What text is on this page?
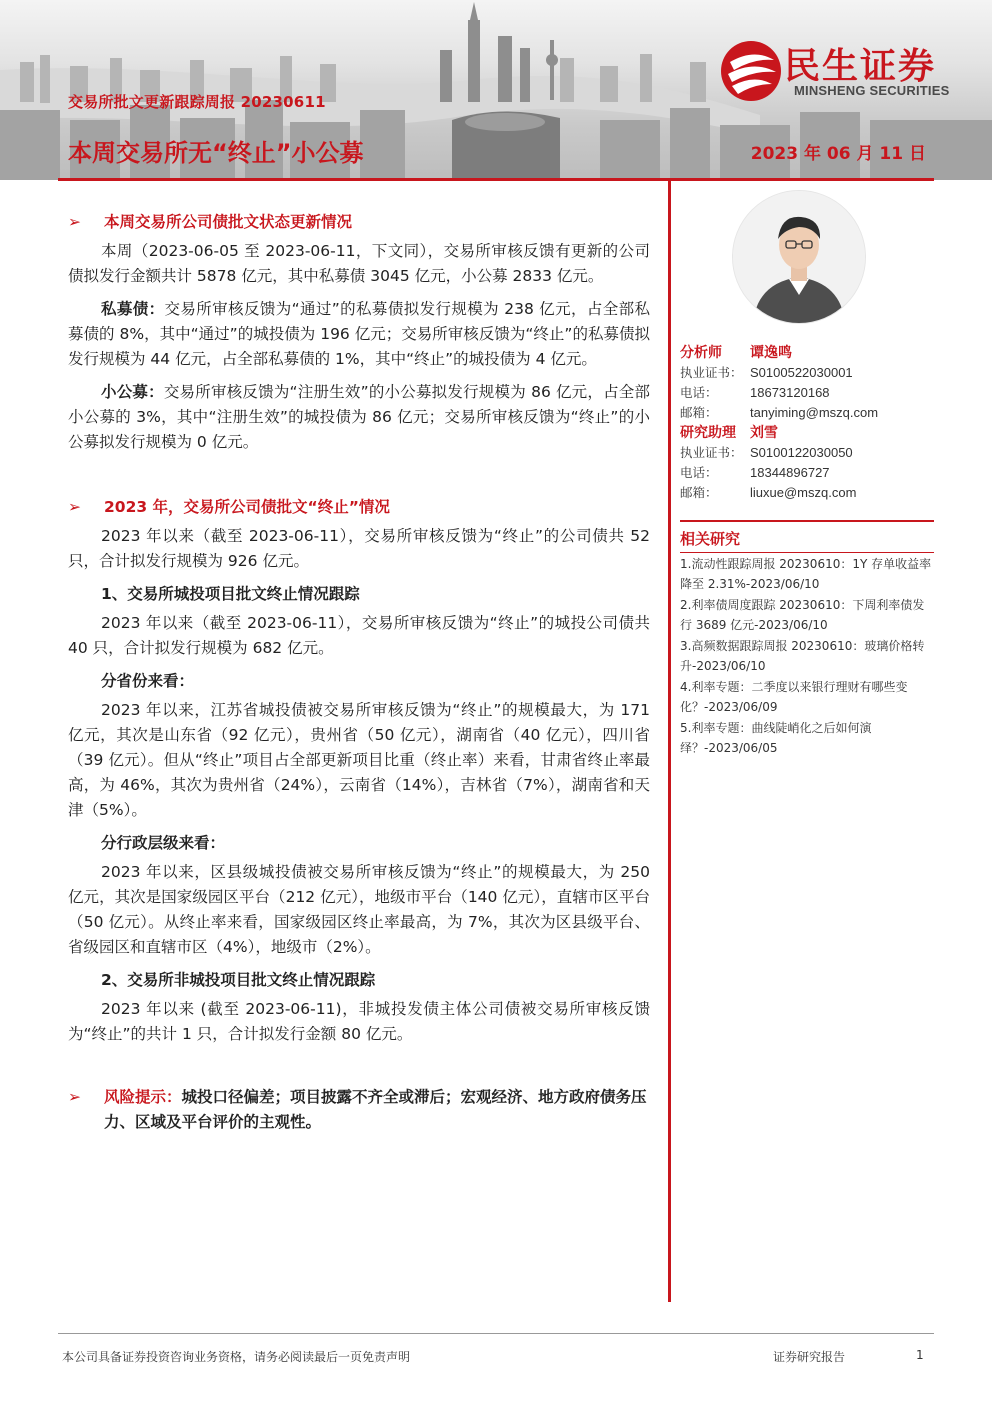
民生证券
MINSHENG SECURITIES
交易所批文更新跟踪周报 20230611
本周交易所无“终止”小公募	2023 年 06 月 11 日
➢ 本周交易所公司债批文状态更新情况

本周（2023-06-05 至 2023-06-11，下文同），交易所审核反馈有更新的公司债拟发行金额共计 5878 亿元，其中私募债 3045 亿元，小公募 2833 亿元。

私募债：交易所审核反馈为“通过”的私募债拟发行规模为 238 亿元，占全部私募债的 8%，其中“通过”的城投债为 196 亿元；交易所审核反馈为“终止”的私募债拟发行规模为 44 亿元，占全部私募债的 1%，其中“终止”的城投债为 4 亿元。

小公募：交易所审核反馈为“注册生效”的小公募拟发行规模为 86 亿元，占全部小公募的 3%，其中“注册生效”的城投债为 86 亿元；交易所审核反馈为“终止”的小公募拟发行规模为 0 亿元。

➢ 2023 年，交易所公司债批文“终止”情况

2023 年以来（截至 2023-06-11），交易所审核反馈为“终止”的公司债共 52 只，合计拟发行规模为 926 亿元。

1、交易所城投项目批文终止情况跟踪

2023 年以来（截至 2023-06-11），交易所审核反馈为“终止”的城投公司债共 40 只，合计拟发行规模为 682 亿元。

分省份来看：

2023 年以来，江苏省城投债被交易所审核反馈为“终止”的规模最大，为 171 亿元，其次是山东省（92 亿元），贵州省（50 亿元），湖南省（40 亿元），四川省（39 亿元）。但从“终止”项目占全部更新项目比重（终止率）来看，甘肃省终止率最高，为 46%，其次为贵州省（24%），云南省（14%），吉林省（7%），湖南省和天津（5%）。

分行政层级来看：

2023 年以来，区县级城投债被交易所审核反馈为“终止”的规模最大，为 250 亿元，其次是国家级园区平台（212 亿元），地级市平台（140 亿元），直辖市区平台（50 亿元）。从终止率来看，国家级园区终止率最高，为 7%，其次为区县级平台、省级园区和直辖市区（4%），地级市（2%）。

2、交易所非城投项目批文终止情况跟踪

2023 年以来 (截至 2023-06-11)，非城投发债主体公司债被交易所审核反馈为“终止”的共计 1 只，合计拟发行金额 80 亿元。

➢ 风险提示：城投口径偏差；项目披露不齐全或滞后；宏观经济、地方政府债务压力、区域及平台评价的主观性。
分析师	谭逸鸣
执业证书： S0100522030001
电话：	18673120168
邮箱：	tanyiming@mszq.com
研究助理	刘雪
执业证书： S0100122030050
电话：	18344896727
邮箱：	liuxue@mszq.com
相关研究
1.流动性跟踪周报 20230610：1Y 存单收益率降至 2.31%-2023/06/10
2.利率债周度跟踪 20230610：下周利率债发行 3689 亿元-2023/06/10
3.高频数据跟踪周报 20230610：玻璃价格转升-2023/06/10
4.利率专题：二季度以来银行理财有哪些变化？-2023/06/09
5.利率专题：曲线陡峭化之后如何演绎？-2023/06/05
本公司具备证券投资咨询业务资格，请务必阅读最后一页免责声明	证券研究报告	1
